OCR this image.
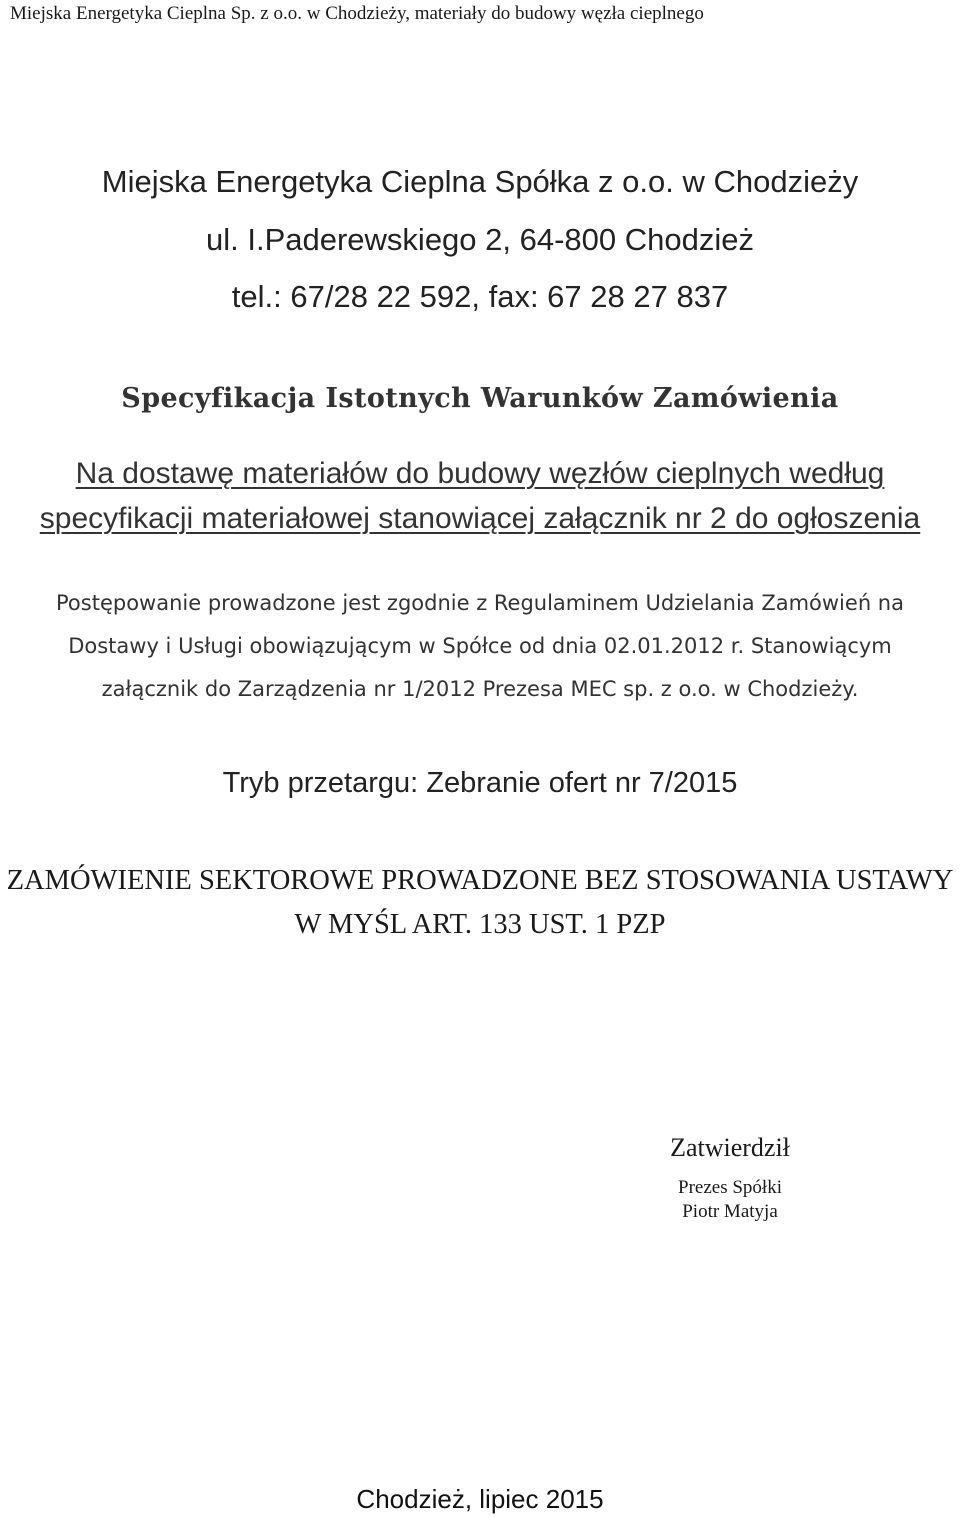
Miejska Energetyka Cieplna Sp. z o.o. w Chodzieży, materiały do budowy węzła cieplnego
Miejska Energetyka Cieplna Spółka z o.o. w Chodzieży
ul. I.Paderewskiego 2, 64-800 Chodzież
tel.: 67/28 22 592, fax: 67 28 27 837
Specyfikacja Istotnych Warunków Zamówienia
Na dostawę materiałów do budowy węzłów cieplnych według
specyfikacji materiałowej stanowiącej załącznik nr 2 do ogłoszenia
Postępowanie prowadzone jest zgodnie z Regulaminem Udzielania Zamówień na
Dostawy i Usługi obowiązującym w Spółce od dnia 02.01.2012 r. Stanowiącym
załącznik do Zarządzenia nr 1/2012 Prezesa MEC sp. z o.o. w Chodzieży.
Tryb przetargu: Zebranie ofert nr 7/2015
ZAMÓWIENIE SEKTOROWE PROWADZONE BEZ STOSOWANIA USTAWY
W MYŚL ART. 133 UST. 1 PZP
Zatwierdził
Prezes Spółki
Piotr Matyja
Chodzież, lipiec 2015
